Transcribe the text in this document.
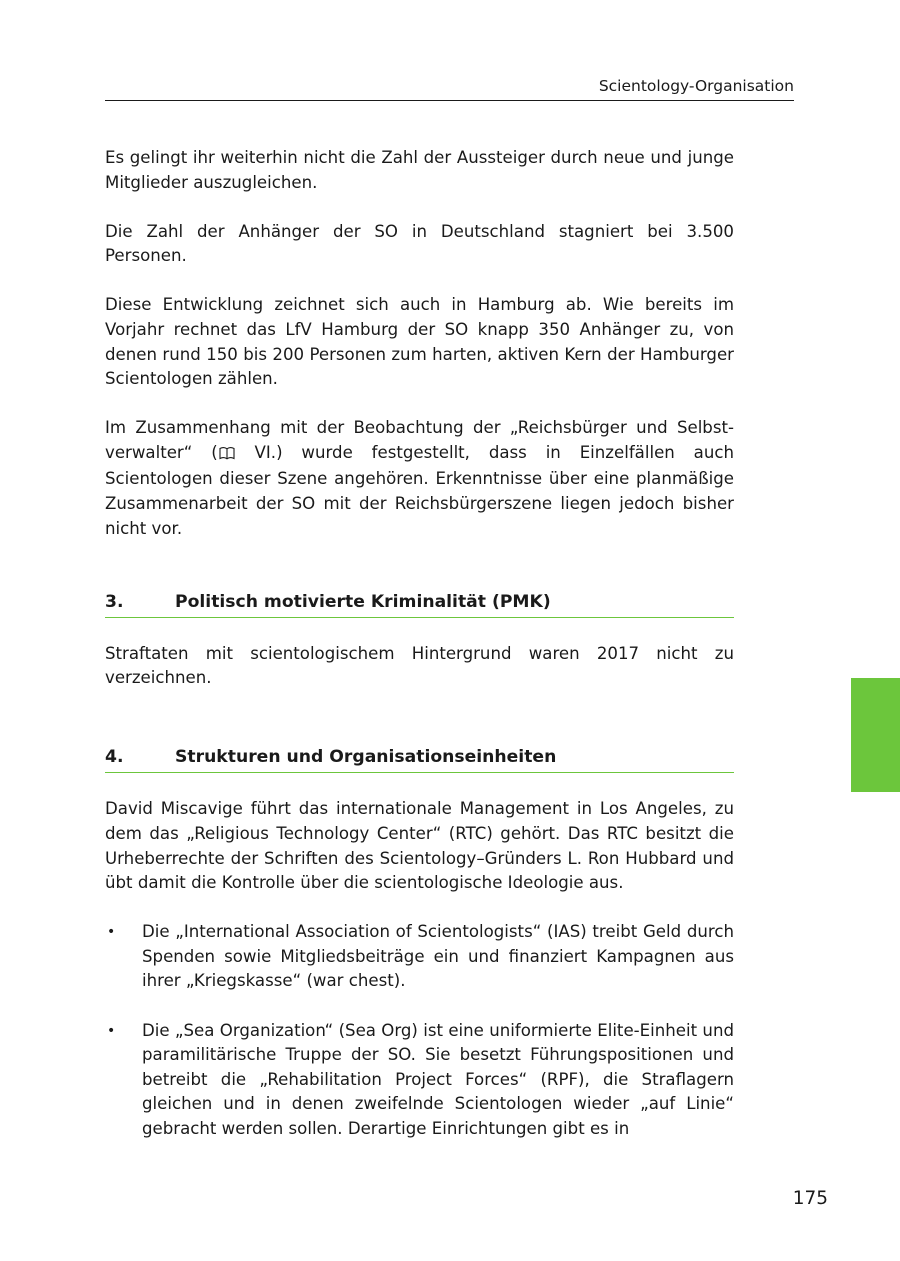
Scientology-Organisation

Es gelingt ihr weiterhin nicht die Zahl der Aussteiger durch neue und junge Mitglieder auszugleichen.

Die Zahl der Anhänger der SO in Deutschland stagniert bei 3.500 Personen.

Diese Entwicklung zeichnet sich auch in Hamburg ab. Wie bereits im Vorjahr rechnet das LfV Hamburg der SO knapp 350 Anhänger zu, von denen rund 150 bis 200 Personen zum harten, aktiven Kern der Hamburger Scientologen zählen.

Im Zusammenhang mit der Beobachtung der „Reichsbürger und Selbstverwalter“ ( VI.) wurde festgestellt, dass in Einzelfällen auch Scientologen dieser Szene angehören. Erkenntnisse über eine planmäßige Zusammenarbeit der SO mit der Reichsbürgerszene liegen jedoch bisher nicht vor.

3.	Politisch motivierte Kriminalität (PMK)

Straftaten mit scientologischem Hintergrund waren 2017 nicht zu verzeichnen.

4.	Strukturen und Organisationseinheiten

David Miscavige führt das internationale Management in Los Angeles, zu dem das „Religious Technology Center“ (RTC) gehört. Das RTC besitzt die Urheberrechte der Schriften des Scientology–Gründers L. Ron Hubbard und übt damit die Kontrolle über die scientologische Ideologie aus.

•	Die „International Association of Scientologists“ (IAS) treibt Geld durch Spenden sowie Mitgliedsbeiträge ein und finanziert Kampagnen aus ihrer „Kriegskasse“ (war chest).

•	Die „Sea Organization“ (Sea Org) ist eine uniformierte Elite-Einheit und paramilitärische Truppe der SO. Sie besetzt Führungspositionen und betreibt die „Rehabilitation Project Forces“ (RPF), die Straflagern gleichen und in denen zweifelnde Scientologen wieder „auf Linie“ gebracht werden sollen. Derartige Einrichtungen gibt es in

175
